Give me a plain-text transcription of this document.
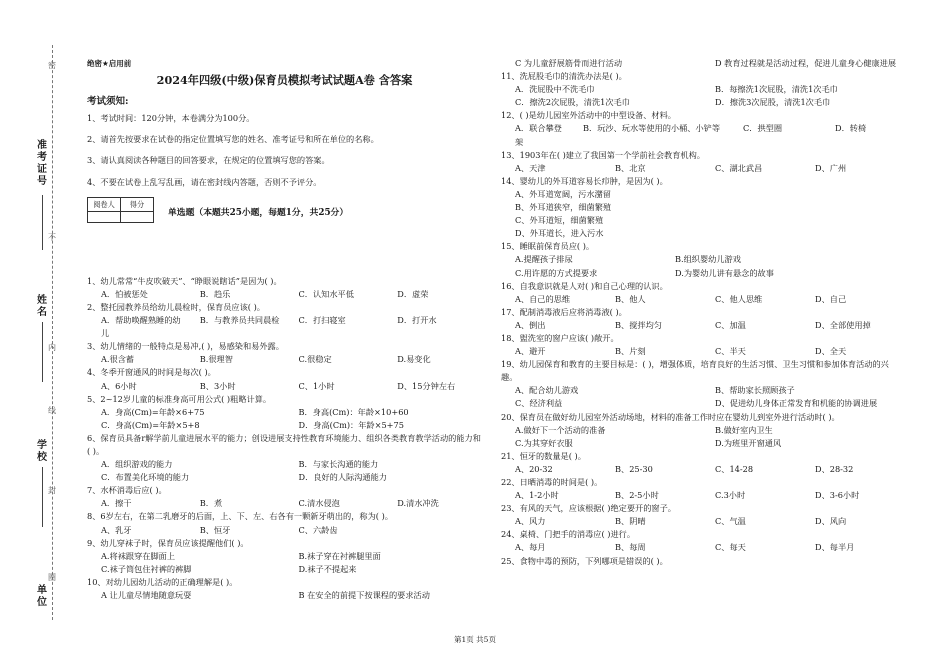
准考证号
姓名
学校
单位
密
不
内
线
封
圈
绝密★启用前
2024年四级(中级)保育员模拟考试试题A卷 含答案
考试须知:

1、考试时间：120分钟，本卷满分为100分。

2、请首先按要求在试卷的指定位置填写您的姓名、准考证号和所在单位的名称。

3、请认真阅读各种题目的回答要求，在规定的位置填写您的答案。

4、不要在试卷上乱写乱画，请在密封线内答题，否则不予评分。

阅卷人	得分

单选题（本题共25小题，每题1分，共25分）

1、幼儿常常“牛皮吹破天”、“睁眼说瞎话”是因为( )。

A．怕被惩处	B．趋乐	C．认知水平低	D．虚荣

2、整托园教养员给幼儿晨检时，保育员应该( )。

A．帮助唤醒熟睡的幼儿
B．与教养员共同晨检	C．打扫寝室	D．打开水

3、幼儿情绪的一般特点是易冲,( )，易感染和易外露。

A.很含蓄	B.很理智	C.很稳定	D.易变化

4、冬季开窗通风的时间是每次( )。

A、6小时	B、3小时	C、1小时	D、15分钟左右

5、2~12岁儿童的标准身高可用公式( )粗略计算。

A．身高(Cm)=年龄×6+75	B．身高(Cm)：年龄×10+60
C．身高(Cm)=年龄×5+8	D．身高(Cm)：年龄×5+75

6、保育员具备r解学前儿童进展水平的能力；创设进展支持性教育环境能力、组织各类教育教学活动的能力和( )。

A．组织游戏的能力	B．与家长沟通的能力
C．布置美化环境的能力	D．良好的人际沟通能力

7、水杯消毒后应( )。

A．擦干	B．煮	C.清水侵泡	D.清水冲洗

8、6岁左右，在第二乳磨牙的后面，上、下、左、右各有一颗新牙萌出的，称为( )。

A、乳牙	B、恒牙	C、六龄齿

9、幼儿穿袜子时，保育员应该提醒他们( )。

A.将袜跟穿在脚面上	B.袜子穿在衬裤腿里面
C.袜子筒包住衬裤的裤脚	D.袜子不提起来

10、对幼儿园幼儿活动的正确理解是( )。

A 让儿童尽情地随意玩耍	B 在安全的前提下按课程的要求活动
C 为儿童舒展筋骨而进行活动	D 教育过程就是活动过程，促进儿童身心健康进展

11、洗屁股毛巾的清洗办法是( )。

A．洗屁股中不洗毛巾	B．每擦洗1次屁股，清洗1次毛巾
C．擦洗2次屁股，清洗1次毛巾	D．擦洗3次屁股，清洗1次毛巾

12、( )是幼儿园室外活动中的中型设备、材料。

A．联合攀登架
B．玩沙、玩水等使用的小桶、小铲等	C．拱型圈	D．转椅

13、1903年在( )建立了我国第一个学前社会教育机构。

A、天津	B、北京	C、湖北武昌	D、广州

14、婴幼儿的外耳道容易长疖肿，是因为( )。

A、外耳道宽阔，污水潴留
B、外耳道狭窄，细菌繁殖
C、外耳道短，细菌繁殖
D、外耳道长，进入污水

15、睡眠前保育员应( )。

A.提醒孩子排尿	B.组织婴幼儿游戏
C.用许愿的方式提要求	D.为婴幼儿讲有悬念的故事

16、自我意识就是人对( )和自己心理的认识。

A、自己的思维	B、他人	C、他人思维	D、自己

17、配制消毒液后应将消毒液( )。

A、倒出	B、搅拌均匀	C、加温	D、全部使用掉

18、盥洗室的窗户应该( )敞开。

A、避开	B、片刻	C、半天	D、全天

19、幼儿园保育和教育的主要目标是：( )，增强体质，培育良好的生活习惯、卫生习惯和参加体育活动的兴趣。

A、配合幼儿游戏	B、帮助家长照顾孩子
C、经济利益	D、促进幼儿身体正常发育和机能的协调进展

20、保育员在做好幼儿园室外活动场地，材料的准备工作时应在婴幼儿到室外进行活动时( )。

A.做好下一个活动的准备	B.做好室内卫生
C.为其穿好衣服	D.为班里开窗通风

21、恒牙的数量是( )。

A、20-32	B、25-30	C、14-28	D、28-32

22、日晒消毒的时间是( )。

A、1-2小时	B、2-5小时	C.3小时	D、3-6小时

23、有风的天气，应该根据( )绝定要开的窗子。

A、风力	B、阴晴	C、气温	D、风向

24、桌椅、门把手的消毒应( )进行。

A、每月	B、每周	C、每天	D、每半月

25、食物中毒的预防，下列哪项是错误的( )。

第1页 共5页
